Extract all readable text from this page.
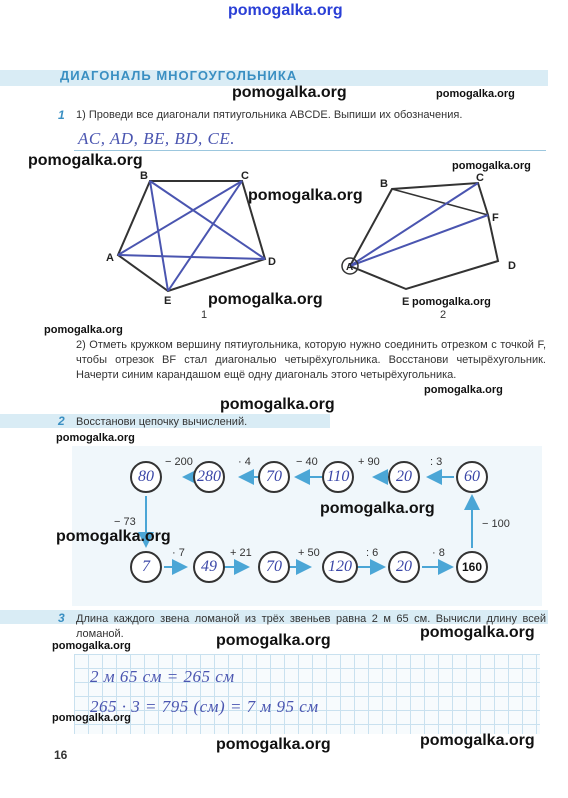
pomogalka.org
ДИАГОНАЛЬ МНОГОУГОЛЬНИКА
1 1) Проведи все диагонали пятиугольника ABCDE. Выпиши их обозначения.
AC, AD, BE, BD, CE.
B	C
A	D
E
1
B	C
F
A	D
E
2
2) Отметь кружком вершину пятиугольника, которую нужно соединить отрезком с точкой F, чтобы отрезок BF стал диагональю четырёхугольника. Восстанови четырёхугольник. Начерти синим карандашом ещё одну диагональ этого четырёхугольника.
2 Восстанови цепочку вычислений.
80	280	70	110	20	60
− 200	· 4	− 40	+ 90	: 3
− 73	− 100
7	49	70	120	20	160
· 7	+ 21	+ 50	: 6	· 8
3 Длина каждого звена ломаной из трёх звеньев равна 2 м 65 см. Вычисли длину всей ломаной.
2 м 65 см = 265 см
265 · 3 = 795 (см) = 7 м 95 см
16
pomogalka.org	pomogalka.org
pomogalka.org	pomogalka.org
pomogalka.org
pomogalka.org	pomogalka.org
pomogalka.org
pomogalka.org
pomogalka.org
pomogalka.org
pomogalka.org
pomogalka.org
pomogalka.org	pomogalka.org
pomogalka.org
pomogalka.org
pomogalka.org	pomogalka.org
